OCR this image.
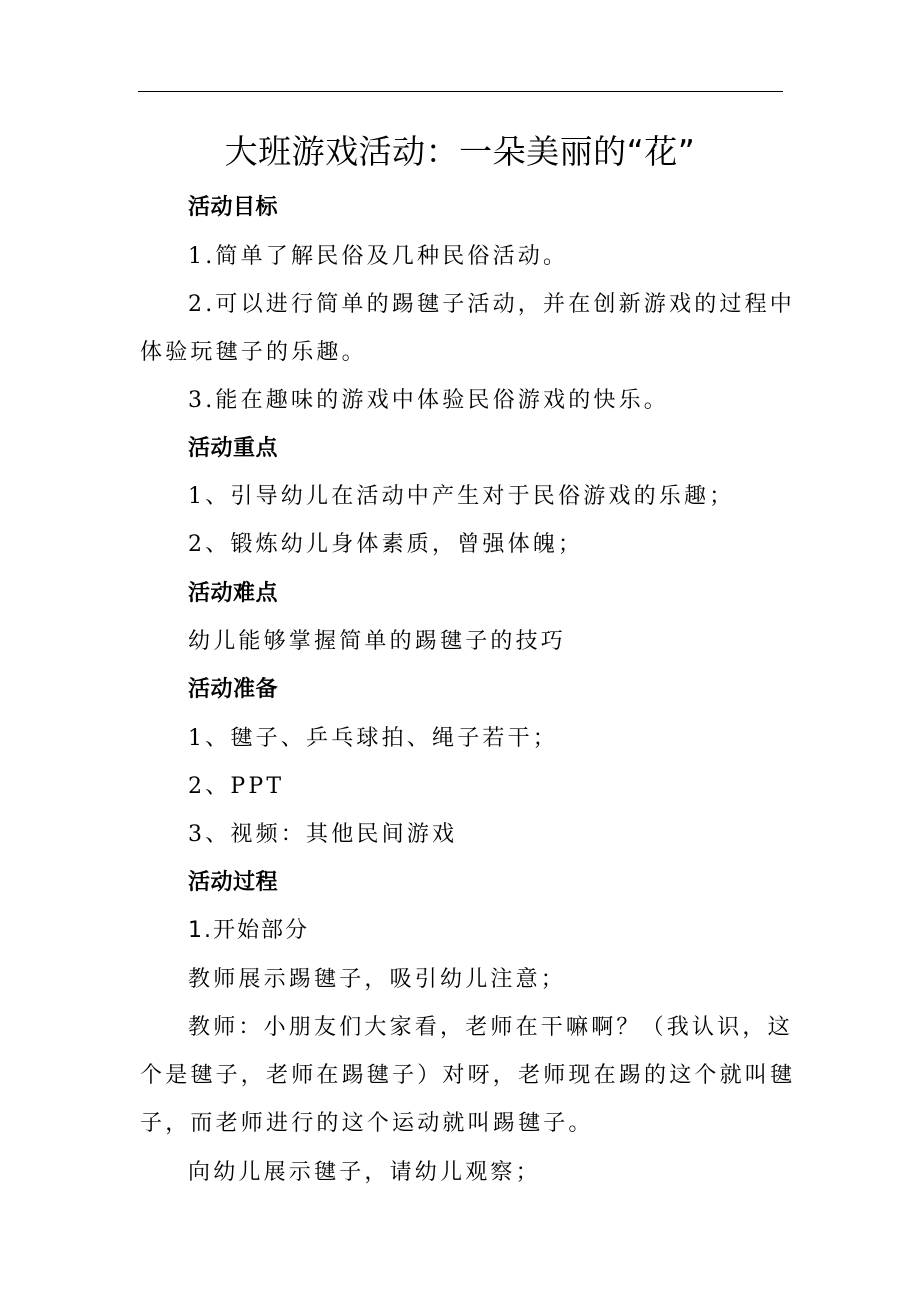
大班游戏活动：一朵美丽的“花”
活动目标
1.简单了解民俗及几种民俗活动。
2.可以进行简单的踢毽子活动，并在创新游戏的过程中
体验玩毽子的乐趣。
3.能在趣味的游戏中体验民俗游戏的快乐。
活动重点
1、引导幼儿在活动中产生对于民俗游戏的乐趣；
2、锻炼幼儿身体素质，曾强体魄；
活动难点
幼儿能够掌握简单的踢毽子的技巧
活动准备
1、毽子、乒乓球拍、绳子若干；
2、PPT
3、视频：其他民间游戏
活动过程
1.开始部分
教师展示踢毽子，吸引幼儿注意；
教师：小朋友们大家看，老师在干嘛啊？（我认识，这
个是毽子，老师在踢毽子）对呀，老师现在踢的这个就叫毽
子，而老师进行的这个运动就叫踢毽子。
向幼儿展示毽子，请幼儿观察；
